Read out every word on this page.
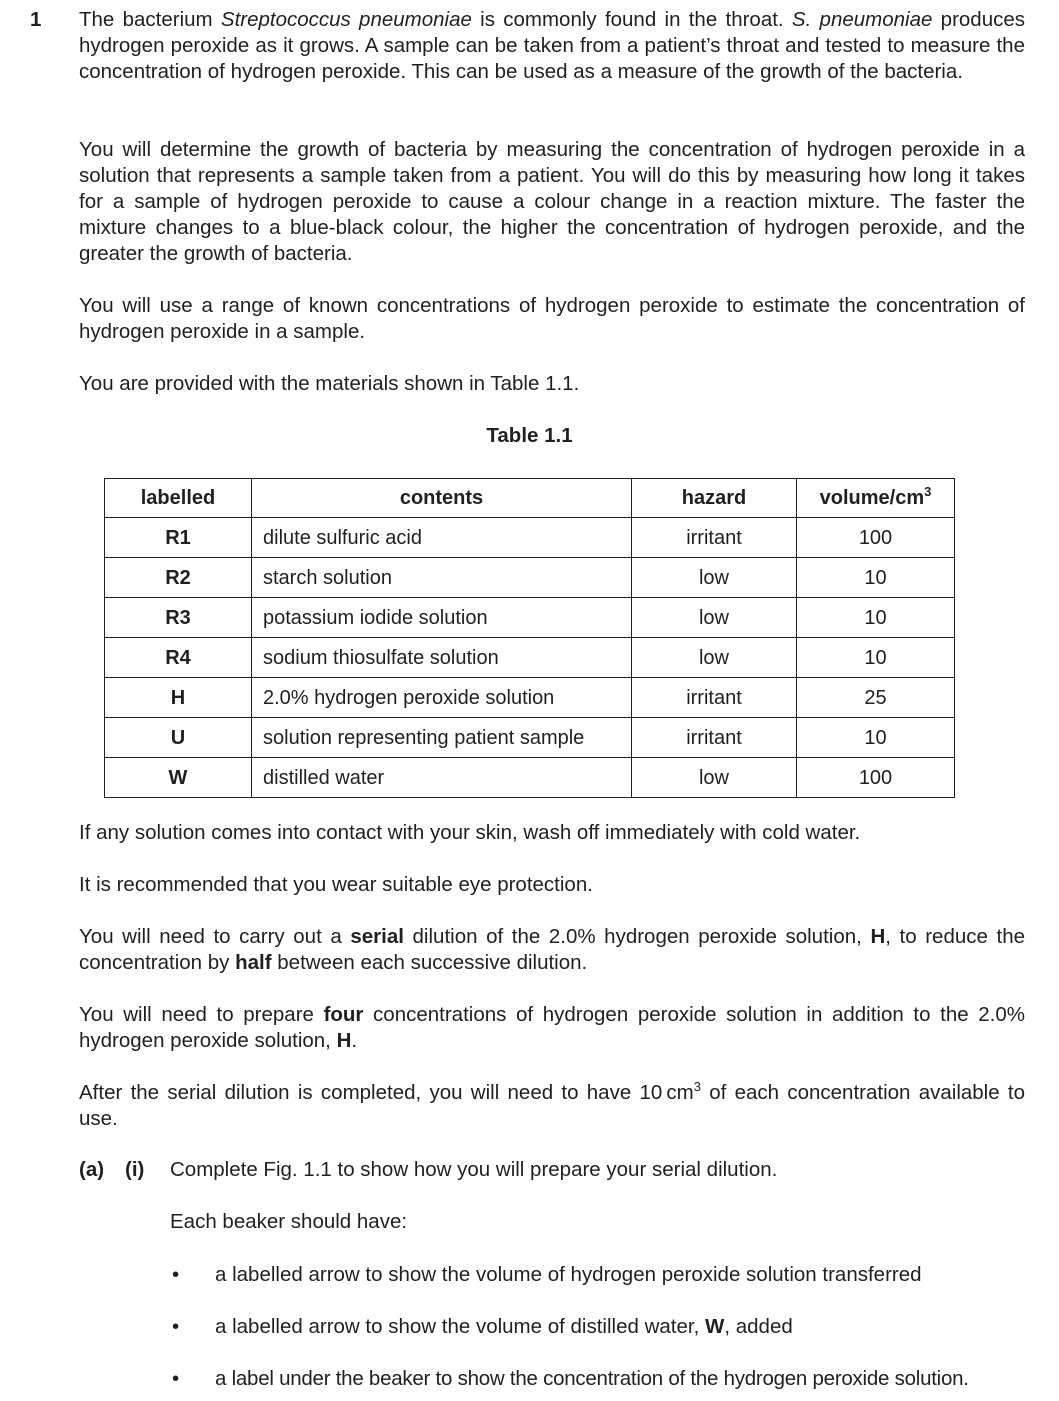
1 The bacterium Streptococcus pneumoniae is commonly found in the throat. S. pneumoniae produces hydrogen peroxide as it grows. A sample can be taken from a patient’s throat and tested to measure the concentration of hydrogen peroxide. This can be used as a measure of the growth of the bacteria.

You will determine the growth of bacteria by measuring the concentration of hydrogen peroxide in a solution that represents a sample taken from a patient. You will do this by measuring how long it takes for a sample of hydrogen peroxide to cause a colour change in a reaction mixture. The faster the mixture changes to a blue-black colour, the higher the concentration of hydrogen peroxide, and the greater the growth of bacteria.

You will use a range of known concentrations of hydrogen peroxide to estimate the concentration of hydrogen peroxide in a sample.

You are provided with the materials shown in Table 1.1.

Table 1.1
labelled	contents	hazard	volume/$cm^3$
R1	dilute sulfuric acid	irritant	100
R2	starch solution	low	10
R3	potassium iodide solution	low	10
R4	sodium thiosulfate solution	low	10
H	2.0% hydrogen peroxide solution	irritant	25
U	solution representing patient sample	irritant	10
W	distilled water	low	100

If any solution comes into contact with your skin, wash off immediately with cold water.

It is recommended that you wear suitable eye protection.

You will need to carry out a serial dilution of the 2.0% hydrogen peroxide solution, H, to reduce the concentration by half between each successive dilution.

You will need to prepare four concentrations of hydrogen peroxide solution in addition to the 2.0% hydrogen peroxide solution, H.

After the serial dilution is completed, you will need to have 10 $cm^3$ of each concentration available to use.

(a) (i) Complete Fig. 1.1 to show how you will prepare your serial dilution.
Each beaker should have:
• a labelled arrow to show the volume of hydrogen peroxide solution transferred
• a labelled arrow to show the volume of distilled water, W, added
• a label under the beaker to show the concentration of the hydrogen peroxide solution.
